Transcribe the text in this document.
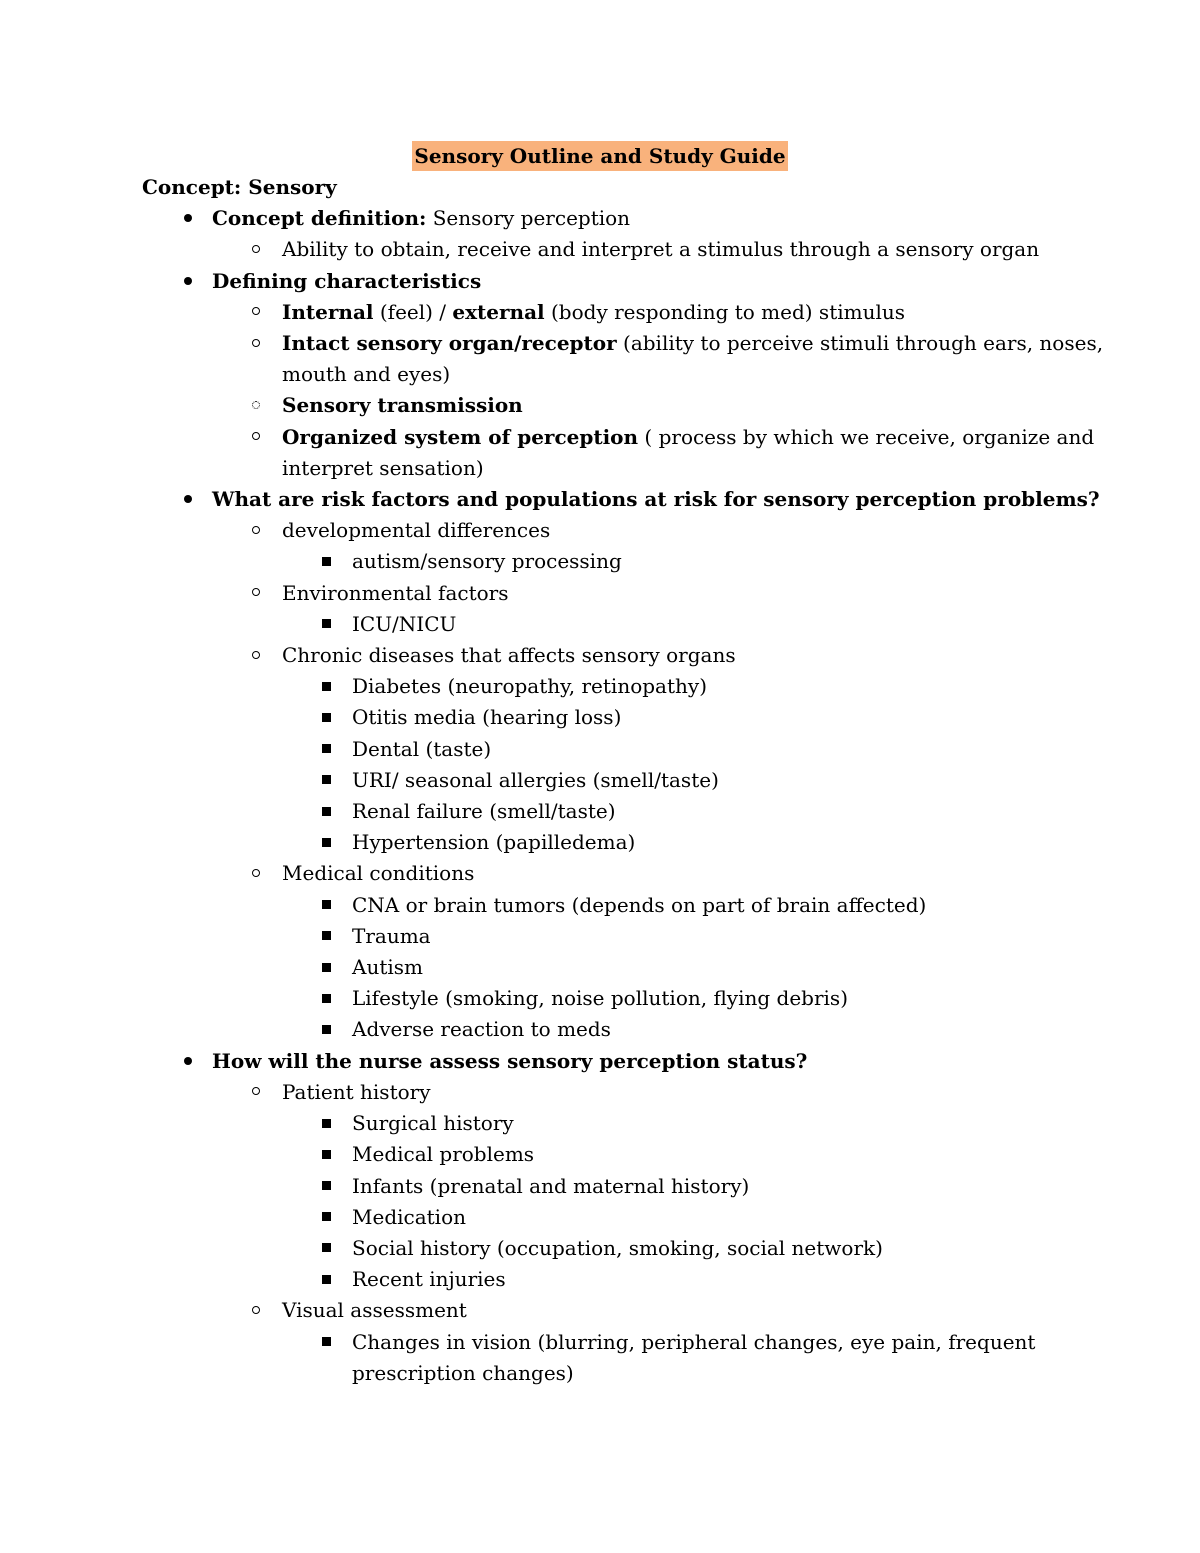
Sensory Outline and Study Guide
Concept: Sensory
Concept definition: Sensory perception
Ability to obtain, receive and interpret a stimulus through a sensory organ
Defining characteristics
Internal (feel) / external (body responding to med) stimulus
Intact sensory organ/receptor (ability to perceive stimuli through ears, noses,
mouth and eyes)
Sensory transmission
Organized system of perception ( process by which we receive, organize and
interpret sensation)
What are risk factors and populations at risk for sensory perception problems?
developmental differences
autism/sensory processing
Environmental factors
ICU/NICU
Chronic diseases that affects sensory organs
Diabetes (neuropathy, retinopathy)
Otitis media (hearing loss)
Dental (taste)
URI/ seasonal allergies (smell/taste)
Renal failure (smell/taste)
Hypertension (papilledema)
Medical conditions
CNA or brain tumors (depends on part of brain affected)
Trauma
Autism
Lifestyle (smoking, noise pollution, flying debris)
Adverse reaction to meds
How will the nurse assess sensory perception status?
Patient history
Surgical history
Medical problems
Infants (prenatal and maternal history)
Medication
Social history (occupation, smoking, social network)
Recent injuries
Visual assessment
Changes in vision (blurring, peripheral changes, eye pain, frequent
prescription changes)
